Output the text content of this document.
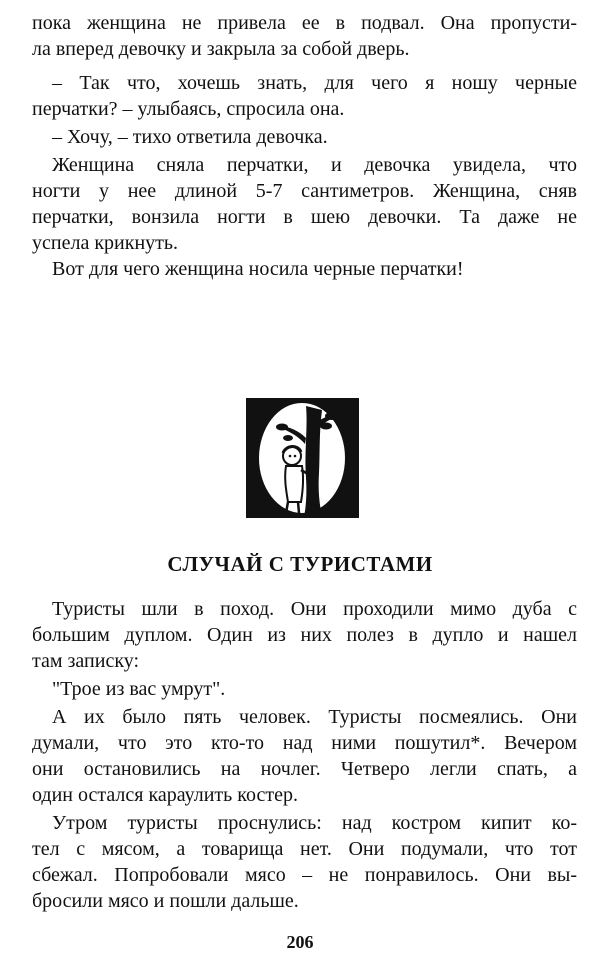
пока женщина не привела ее в подвал. Она пропусти-
ла вперед девочку и закрыла за собой дверь.
– Так что, хочешь знать, для чего я ношу черные
перчатки? – улыбаясь, спросила она.
– Хочу, – тихо ответила девочка.
Женщина сняла перчатки, и девочка увидела, что
ногти у нее длиной 5-7 сантиметров. Женщина, сняв
перчатки, вонзила ногти в шею девочки. Та даже не
успела крикнуть.
Вот для чего женщина носила черные перчатки!
СЛУЧАЙ С ТУРИСТАМИ
Туристы шли в поход. Они проходили мимо дуба с
большим дуплом. Один из них полез в дупло и нашел
там записку:
"Трое из вас умрут".
А их было пять человек. Туристы посмеялись. Они
думали, что это кто-то над ними пошутил*. Вечером
они остановились на ночлег. Четверо легли спать, а
один остался караулить костер.
Утром туристы проснулись: над костром кипит ко-
тел с мясом, а товарища нет. Они подумали, что тот
сбежал. Попробовали мясо – не понравилось. Они вы-
бросили мясо и пошли дальше.
206
